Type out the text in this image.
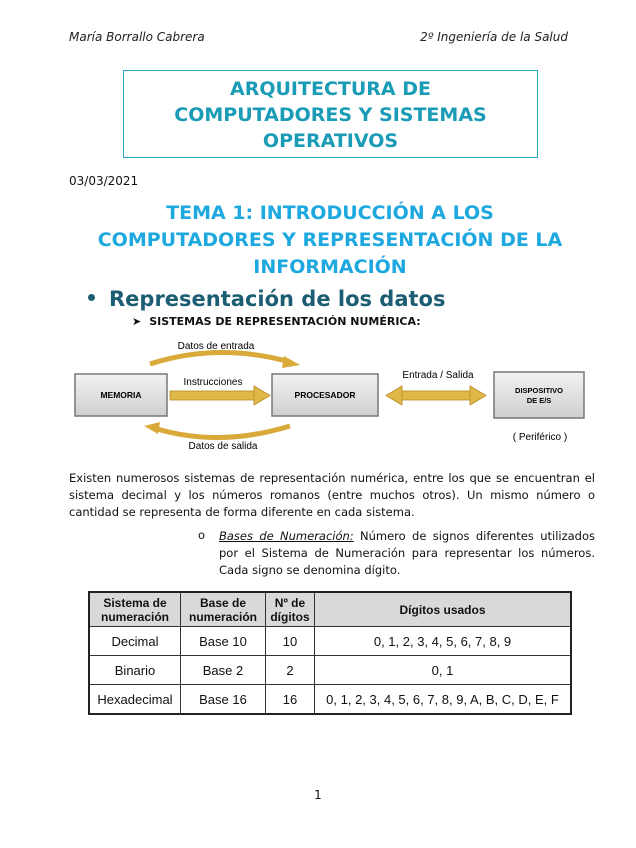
María Borrallo Cabrera	2º Ingeniería de la Salud
ARQUITECTURA DE
COMPUTADORES Y SISTEMAS
OPERATIVOS
03/03/2021
TEMA 1: INTRODUCCIÓN A LOS
COMPUTADORES Y REPRESENTACIÓN DE LA
INFORMACIÓN
Representación de los datos
➤ SISTEMAS DE REPRESENTACIÓN NUMÉRICA:
MEMORIA	PROCESADOR	DISPOSITIVO
DE E/S
Datos de entrada
Instrucciones
Datos de salida
Entrada / Salida
( Periférico )
Existen numerosos sistemas de representación numérica, entre los que se encuentran el sistema decimal y los números romanos (entre muchos otros). Un mismo número o cantidad se representa de forma diferente en cada sistema.
o Bases de Numeración: Número de signos diferentes utilizados por el Sistema de Numeración para representar los números. Cada signo se denomina dígito.
Sistema de
numeración	Base de
numeración	Nº de
dígitos	Dígitos usados
Decimal	Base 10	10	0, 1, 2, 3, 4, 5, 6, 7, 8, 9
Binario	Base 2	2	0, 1
Hexadecimal	Base 16	16	0, 1, 2, 3, 4, 5, 6, 7, 8, 9, A, B, C, D, E, F
1
